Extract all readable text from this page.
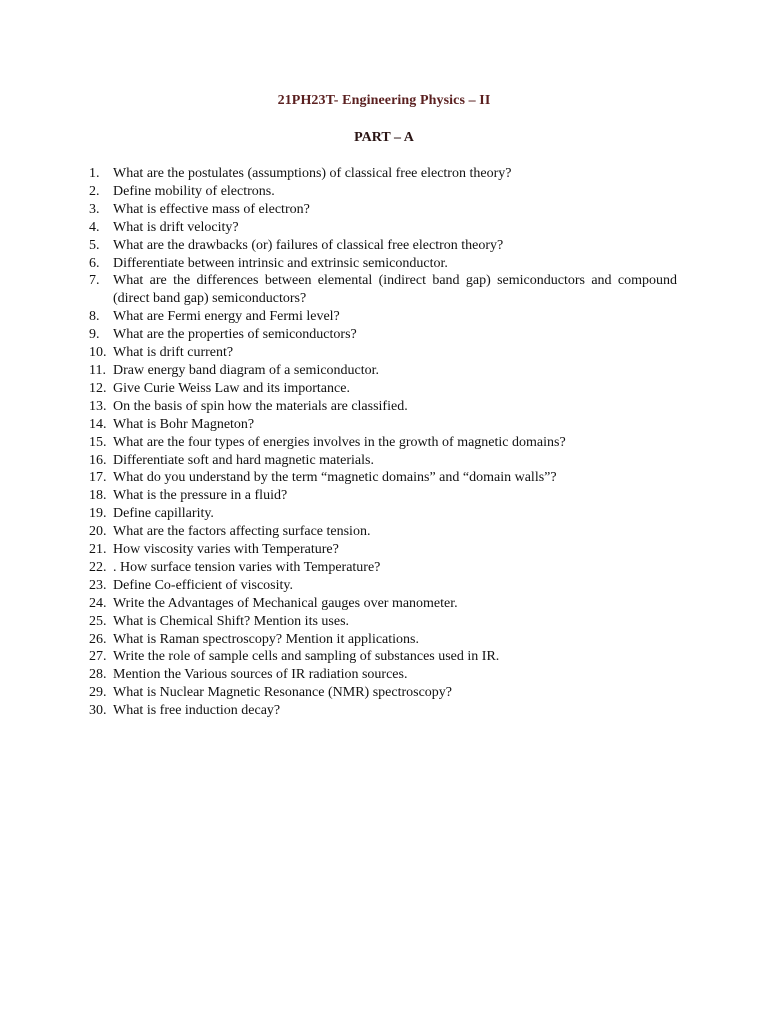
21PH23T- Engineering Physics – II
PART – A
1. What are the postulates (assumptions) of classical free electron theory?
2. Define mobility of electrons.
3. What is effective mass of electron?
4. What is drift velocity?
5. What are the drawbacks (or) failures of classical free electron theory?
6. Differentiate between intrinsic and extrinsic semiconductor.
7. What are the differences between elemental (indirect band gap) semiconductors and compound (direct band gap) semiconductors?
8. What are Fermi energy and Fermi level?
9. What are the properties of semiconductors?
10. What is drift current?
11. Draw energy band diagram of a semiconductor.
12. Give Curie Weiss Law and its importance.
13. On the basis of spin how the materials are classified.
14. What is Bohr Magneton?
15. What are the four types of energies involves in the growth of magnetic domains?
16. Differentiate soft and hard magnetic materials.
17. What do you understand by the term “magnetic domains” and “domain walls”?
18. What is the pressure in a fluid?
19. Define capillarity.
20. What are the factors affecting surface tension.
21. How viscosity varies with Temperature?
22. . How surface tension varies with Temperature?
23. Define Co-efficient of viscosity.
24. Write the Advantages of Mechanical gauges over manometer.
25. What is Chemical Shift? Mention its uses.
26. What is Raman spectroscopy? Mention it applications.
27. Write the role of sample cells and sampling of substances used in IR.
28. Mention the Various sources of IR radiation sources.
29. What is Nuclear Magnetic Resonance (NMR) spectroscopy?
30. What is free induction decay?
